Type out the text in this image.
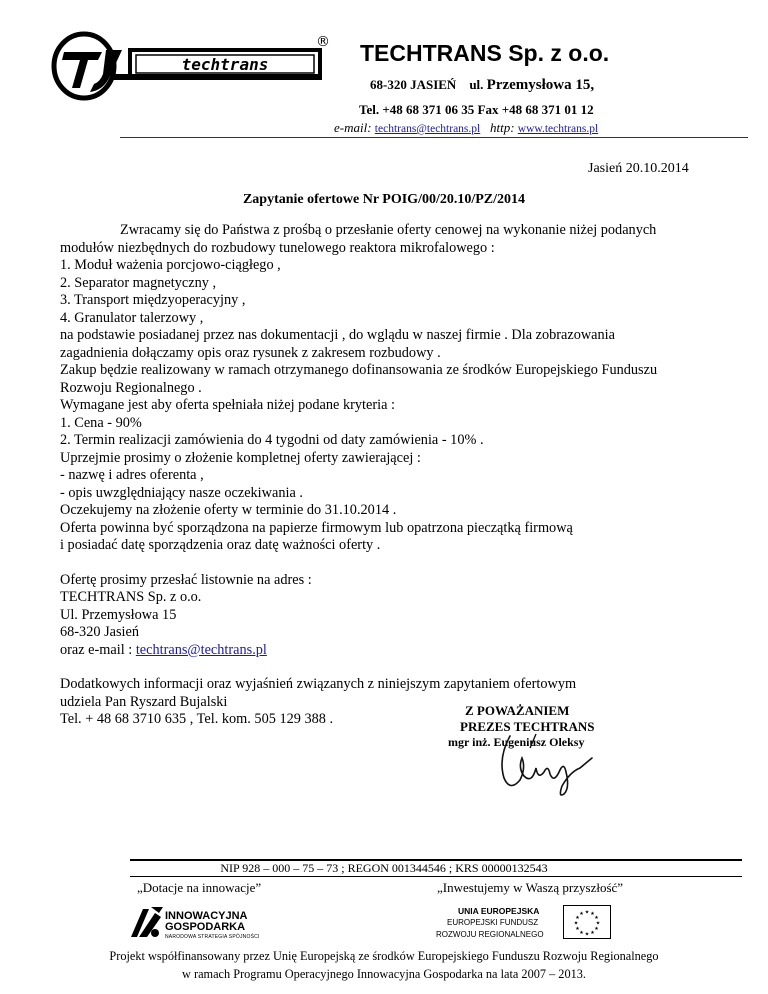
techtrans
® TECHTRANS Sp. z o.o.
68-320 JASIEŃ ul. Przemysłowa 15,
Tel. +48 68 371 06 35 Fax +48 68 371 01 12
e-mail: techtrans@techtrans.pl http: www.techtrans.pl
Jasień 20.10.2014
Zapytanie ofertowe Nr POIG/00/20.10/PZ/2014

Zwracamy się do Państwa z prośbą o przesłanie oferty cenowej na wykonanie niżej podanych

modułów niezbędnych do rozbudowy tunelowego reaktora mikrofalowego :

1. Moduł ważenia porcjowo-ciągłego ,

2. Separator magnetyczny ,

3. Transport międzyoperacyjny ,

4. Granulator talerzowy ,

na podstawie posiadanej przez nas dokumentacji , do wglądu w naszej firmie . Dla zobrazowania

zagadnienia dołączamy opis oraz rysunek z zakresem rozbudowy .

Zakup będzie realizowany w ramach otrzymanego dofinansowania ze środków Europejskiego Funduszu

Rozwoju Regionalnego .

Wymagane jest aby oferta spełniała niżej podane kryteria :

1. Cena - 90%

2. Termin realizacji zamówienia do 4 tygodni od daty zamówienia - 10% .

Uprzejmie prosimy o złożenie kompletnej oferty zawierającej :

- nazwę i adres oferenta ,

- opis uwzględniający nasze oczekiwania .

Oczekujemy na złożenie oferty w terminie do 31.10.2014 .

Oferta powinna być sporządzona na papierze firmowym lub opatrzona pieczątką firmową

i posiadać datę sporządzenia oraz datę ważności oferty .

Ofertę prosimy przesłać listownie na adres :

TECHTRANS Sp. z o.o.

Ul. Przemysłowa 15

68-320 Jasień

oraz e-mail : techtrans@techtrans.pl

Dodatkowych informacji oraz wyjaśnień związanych z niniejszym zapytaniem ofertowym

udziela Pan Ryszard Bujalski

Tel. + 48 68 3710 635 , Tel. kom. 505 129 388 .

Z POWAŻANIEM
PREZES TECHTRANS
mgr inż. Eugeniusz Oleksy
NIP 928 – 000 – 75 – 73 ; REGON 001344546 ; KRS 00000132543
„Dotacje na innowacje”	„Inwestujemy w Waszą przyszłość”
INNOWACYJNA
GOSPODARKA
NARODOWA STRATEGIA SPÓJNOŚCI
UNIA EUROPEJSKA
EUROPEJSKI FUNDUSZ
ROZWOJU REGIONALNEGO
★
★
★
★
★
★
★
★
★ ★ ★
★
Projekt współfinansowany przez Unię Europejską ze środków Europejskiego Funduszu Rozwoju Regionalnego
w ramach Programu Operacyjnego Innowacyjna Gospodarka na lata 2007 – 2013.
